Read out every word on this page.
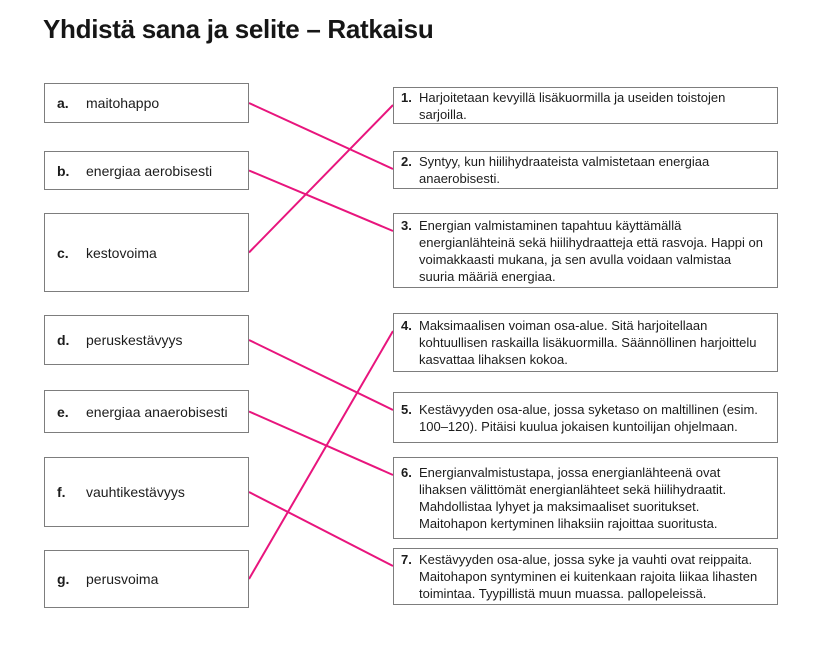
Yhdistä sana ja selite – Ratkaisu
a.	maitohappo
b.	energiaa aerobisesti
c.	kestovoima
d.	peruskestävyys
e.	energiaa anaerobisesti
f.	vauhtikestävyys
g.	perusvoima
1. Harjoitetaan kevyillä lisäkuormilla ja useiden toistojen sarjoilla.
2. Syntyy, kun hiilihydraateista valmistetaan energiaa anaerobisesti.
3. Energian valmistaminen tapahtuu käyttämällä energianlähteinä sekä hiilihydraatteja että rasvoja. Happi on voimakkaasti mukana, ja sen avulla voidaan valmistaa suuria määriä energiaa.
4. Maksimaalisen voiman osa-alue. Sitä harjoitellaan kohtuullisen raskailla lisäkuormilla. Säännöllinen harjoittelu kasvattaa lihaksen kokoa.
5. Kestävyyden osa-alue, jossa syketaso on maltillinen (esim. 100–120). Pitäisi kuulua jokaisen kuntoilijan ohjelmaan.
6. Energianvalmistustapa, jossa energianlähteenä ovat lihaksen välittömät energianlähteet sekä hiilihydraatit. Mahdollistaa lyhyet ja maksimaaliset suoritukset. Maitohapon kertyminen lihaksiin rajoittaa suoritusta.
7. Kestävyyden osa-alue, jossa syke ja vauhti ovat reippaita. Maitohapon syntyminen ei kuitenkaan rajoita liikaa lihasten toimintaa. Tyypillistä muun muassa. pallopeleissä.
